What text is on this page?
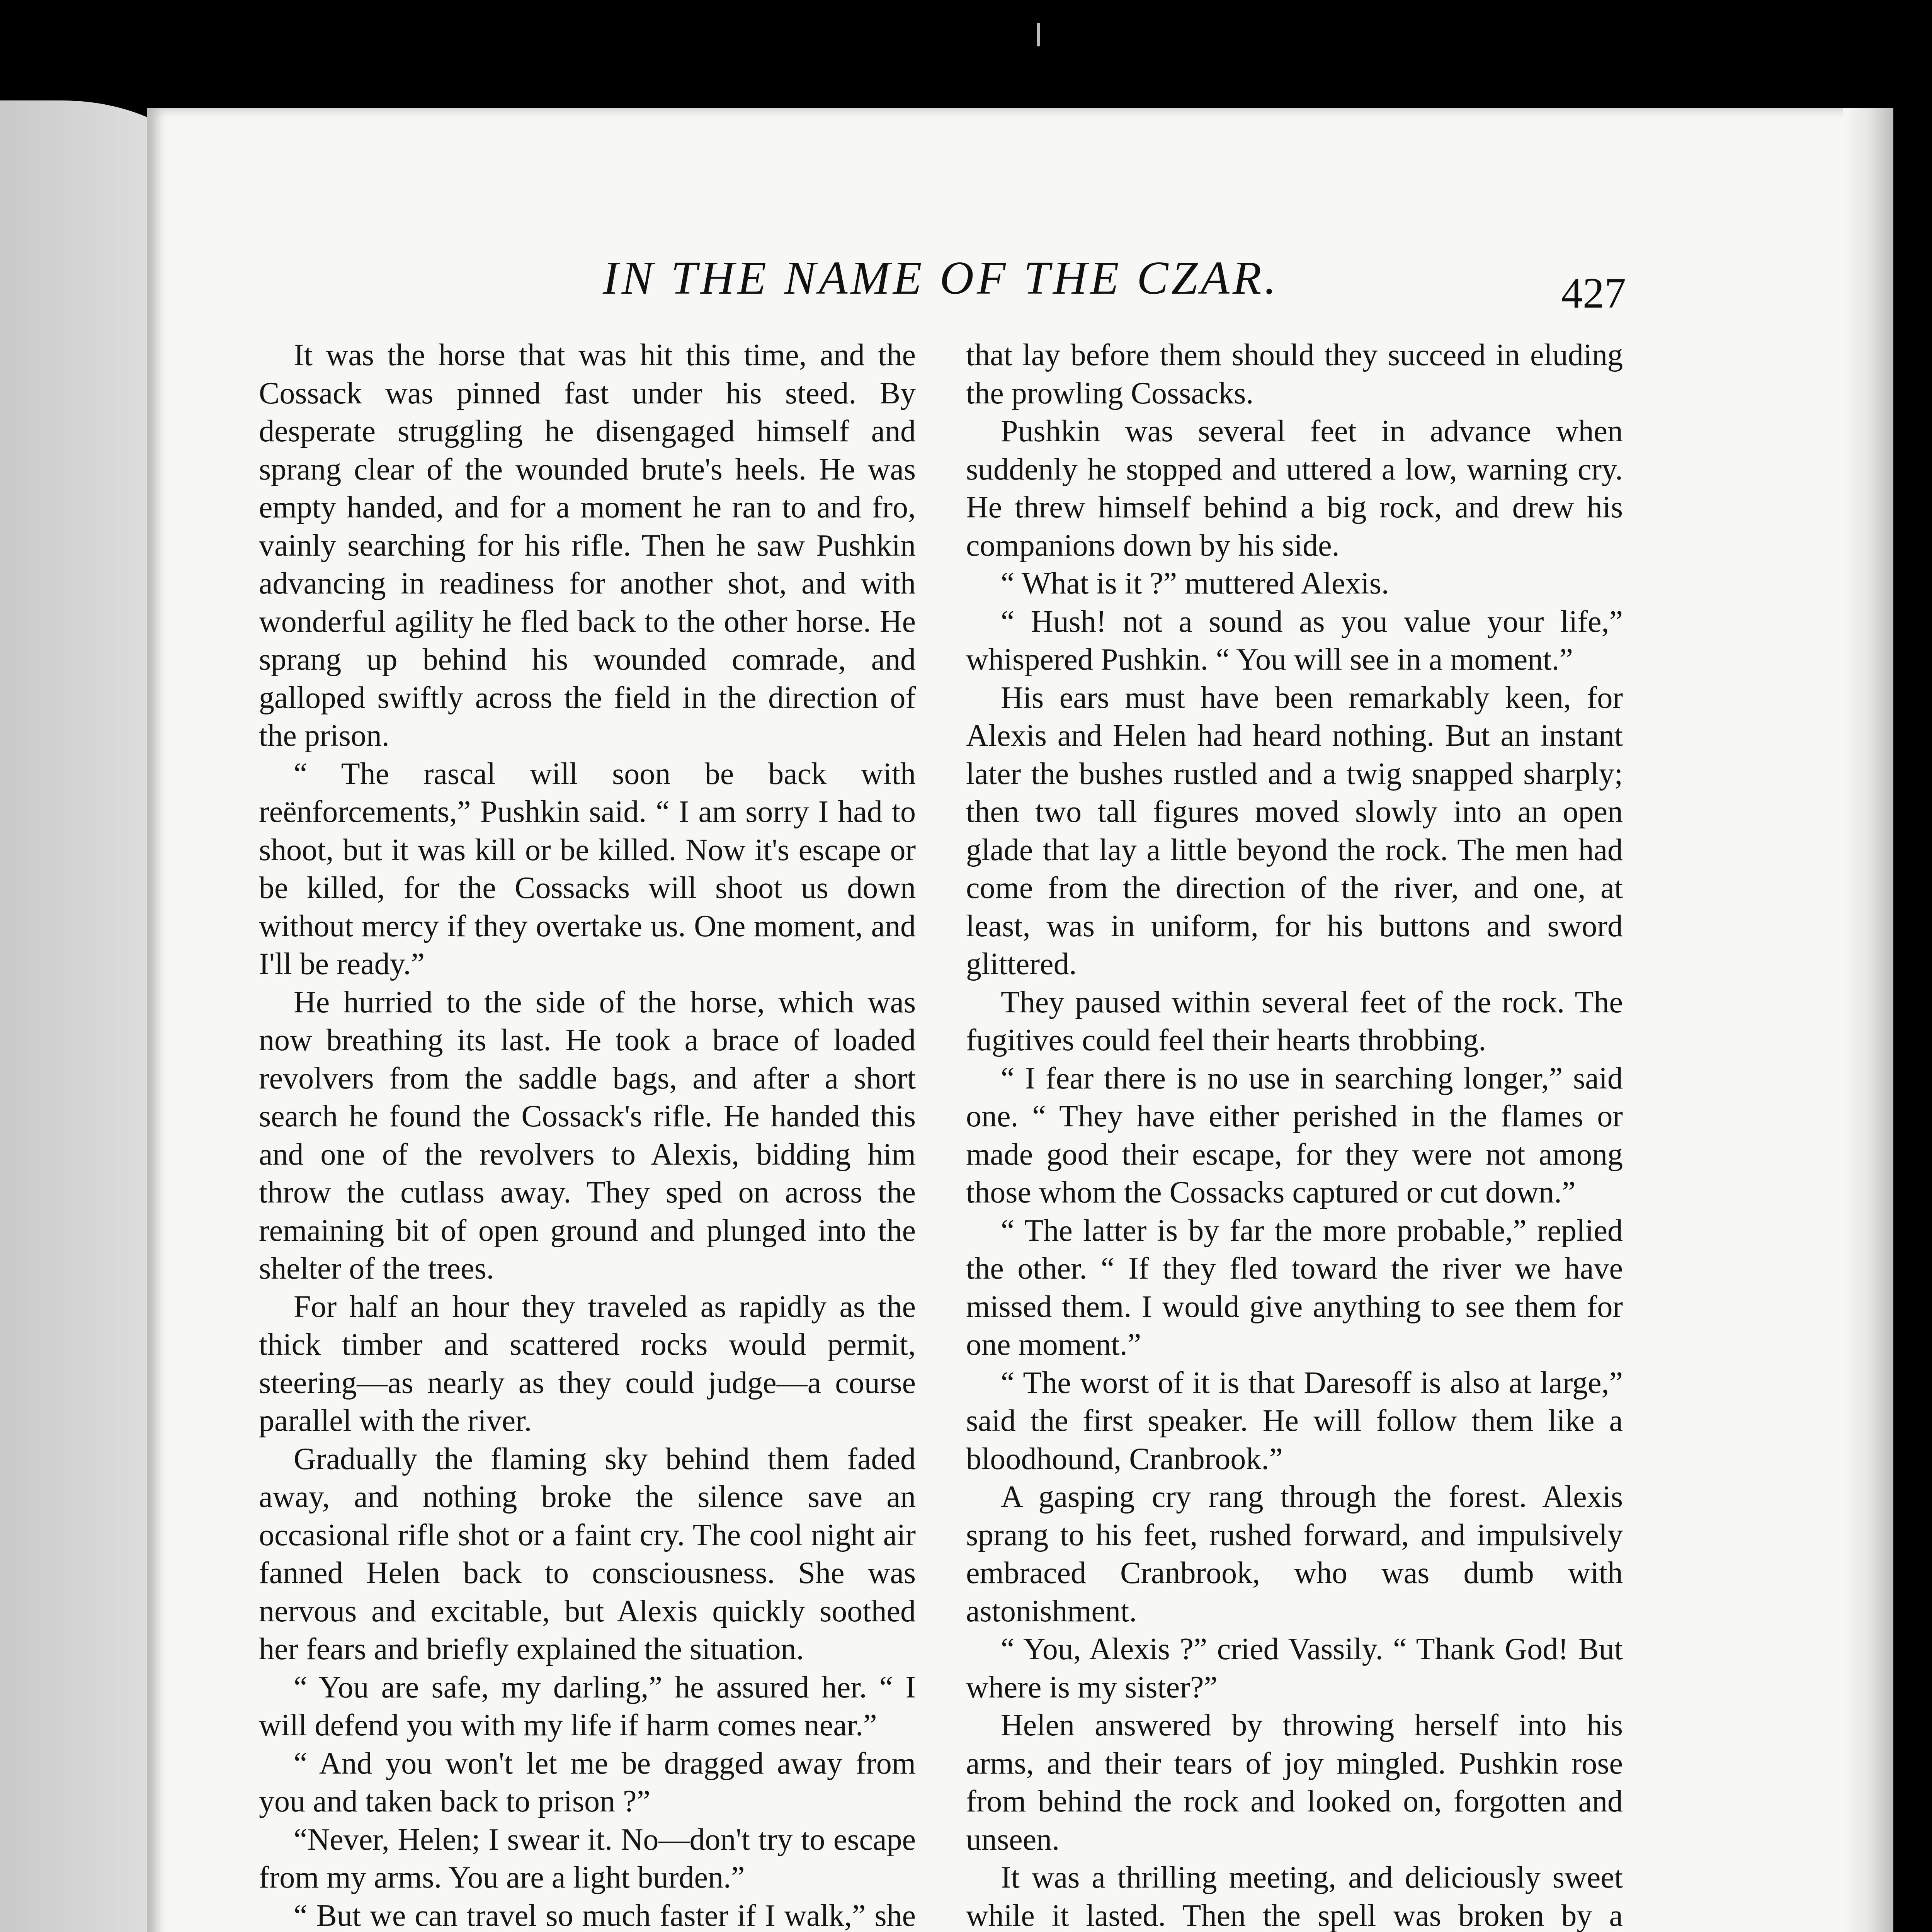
IN THE NAME OF THE CZAR.	427

It was the horse that was hit this time, and the Cossack was pinned fast under his steed. By desperate struggling he disengaged himself and sprang clear of the wounded brute's heels. He was empty handed, and for a moment he ran to and fro, vainly searching for his rifle. Then he saw Pushkin advancing in readiness for another shot, and with wonderful agility he fled back to the other horse. He sprang up behind his wounded comrade, and galloped swiftly across the field in the direction of the prison.

“ The rascal will soon be back with reënforcements,” Pushkin said. “ I am sorry I had to shoot, but it was kill or be killed. Now it's escape or be killed, for the Cossacks will shoot us down without mercy if they overtake us. One moment, and I'll be ready.”

He hurried to the side of the horse, which was now breathing its last. He took a brace of loaded revolvers from the saddle bags, and after a short search he found the Cossack's rifle. He handed this and one of the revolvers to Alexis, bidding him throw the cutlass away. They sped on across the remaining bit of open ground and plunged into the shelter of the trees.

For half an hour they traveled as rapidly as the thick timber and scattered rocks would permit, steering—as nearly as they could judge—a course parallel with the river.

Gradually the flaming sky behind them faded away, and nothing broke the silence save an occasional rifle shot or a faint cry. The cool night air fanned Helen back to consciousness. She was nervous and excitable, but Alexis quickly soothed her fears and briefly explained the situation.

“ You are safe, my darling,” he assured her. “ I will defend you with my life if harm comes near.”

“ And you won't let me be dragged away from you and taken back to prison ?”

“Never, Helen; I swear it. No—don't try to escape from my arms. You are a light burden.”

“ But we can travel so much faster if I walk,” she

that lay before them should they succeed in eluding the prowling Cossacks.

Pushkin was several feet in advance when suddenly he stopped and uttered a low, warning cry. He threw himself behind a big rock, and drew his companions down by his side.

“ What is it ?” muttered Alexis.

“ Hush! not a sound as you value your life,” whispered Pushkin. “ You will see in a moment.”

His ears must have been remarkably keen, for Alexis and Helen had heard nothing. But an instant later the bushes rustled and a twig snapped sharply; then two tall figures moved slowly into an open glade that lay a little beyond the rock. The men had come from the direction of the river, and one, at least, was in uniform, for his buttons and sword glittered.

They paused within several feet of the rock. The fugitives could feel their hearts throbbing.

“ I fear there is no use in searching longer,” said one. “ They have either perished in the flames or made good their escape, for they were not among those whom the Cossacks captured or cut down.”

“ The latter is by far the more probable,” replied the other. “ If they fled toward the river we have missed them. I would give anything to see them for one moment.”

“ The worst of it is that Daresoff is also at large,” said the first speaker. He will follow them like a bloodhound, Cranbrook.”

A gasping cry rang through the forest. Alexis sprang to his feet, rushed forward, and impulsively embraced Cranbrook, who was dumb with astonishment.

“ You, Alexis ?” cried Vassily. “ Thank God! But where is my sister?”

Helen answered by throwing herself into his arms, and their tears of joy mingled. Pushkin rose from behind the rock and looked on, forgotten and unseen.

It was a thrilling meeting, and deliciously sweet while it lasted. Then the spell was broken by a
